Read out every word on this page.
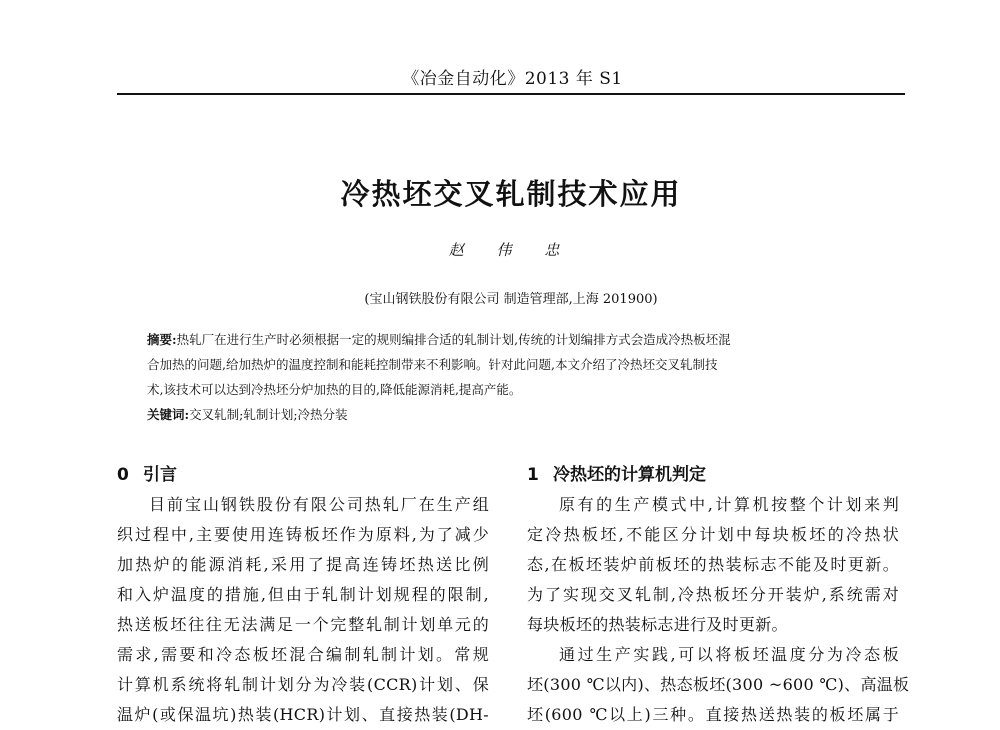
《冶金自动化》2013 年 S1
冷热坯交叉轧制技术应用
赵 伟 忠
(宝山钢铁股份有限公司 制造管理部,上海 201900)
摘要:热轧厂在进行生产时必须根据一定的规则编排合适的轧制计划,传统的计划编排方式会造成冷热板坯混
合加热的问题,给加热炉的温度控制和能耗控制带来不利影响。针对此问题,本文介绍了冷热坯交叉轧制技
术,该技术可以达到冷热坯分炉加热的目的,降低能源消耗,提高产能。
关键词:交叉轧制;轧制计划;冷热分装
0 引言

目前宝山钢铁股份有限公司热轧厂在生产组
织过程中,主要使用连铸板坯作为原料,为了减少
加热炉的能源消耗,采用了提高连铸坯热送比例
和入炉温度的措施,但由于轧制计划规程的限制,
热送板坯往往无法满足一个完整轧制计划单元的
需求,需要和冷态板坯混合编制轧制计划。常规
计算机系统将轧制计划分为冷装(CCR)计划、保
温炉(或保温坑)热装(HCR)计划、直接热装(DH-

1 冷热坯的计算机判定

原有的生产模式中,计算机按整个计划来判
定冷热板坯,不能区分计划中每块板坯的冷热状
态,在板坯装炉前板坯的热装标志不能及时更新。
为了实现交叉轧制,冷热板坯分开装炉,系统需对
每块板坯的热装标志进行及时更新。

通过生产实践,可以将板坯温度分为冷态板
坯(300 ℃以内)、热态板坯(300 ~600 ℃)、高温板
坯(600 ℃以上)三种。直接热送热装的板坯属于
